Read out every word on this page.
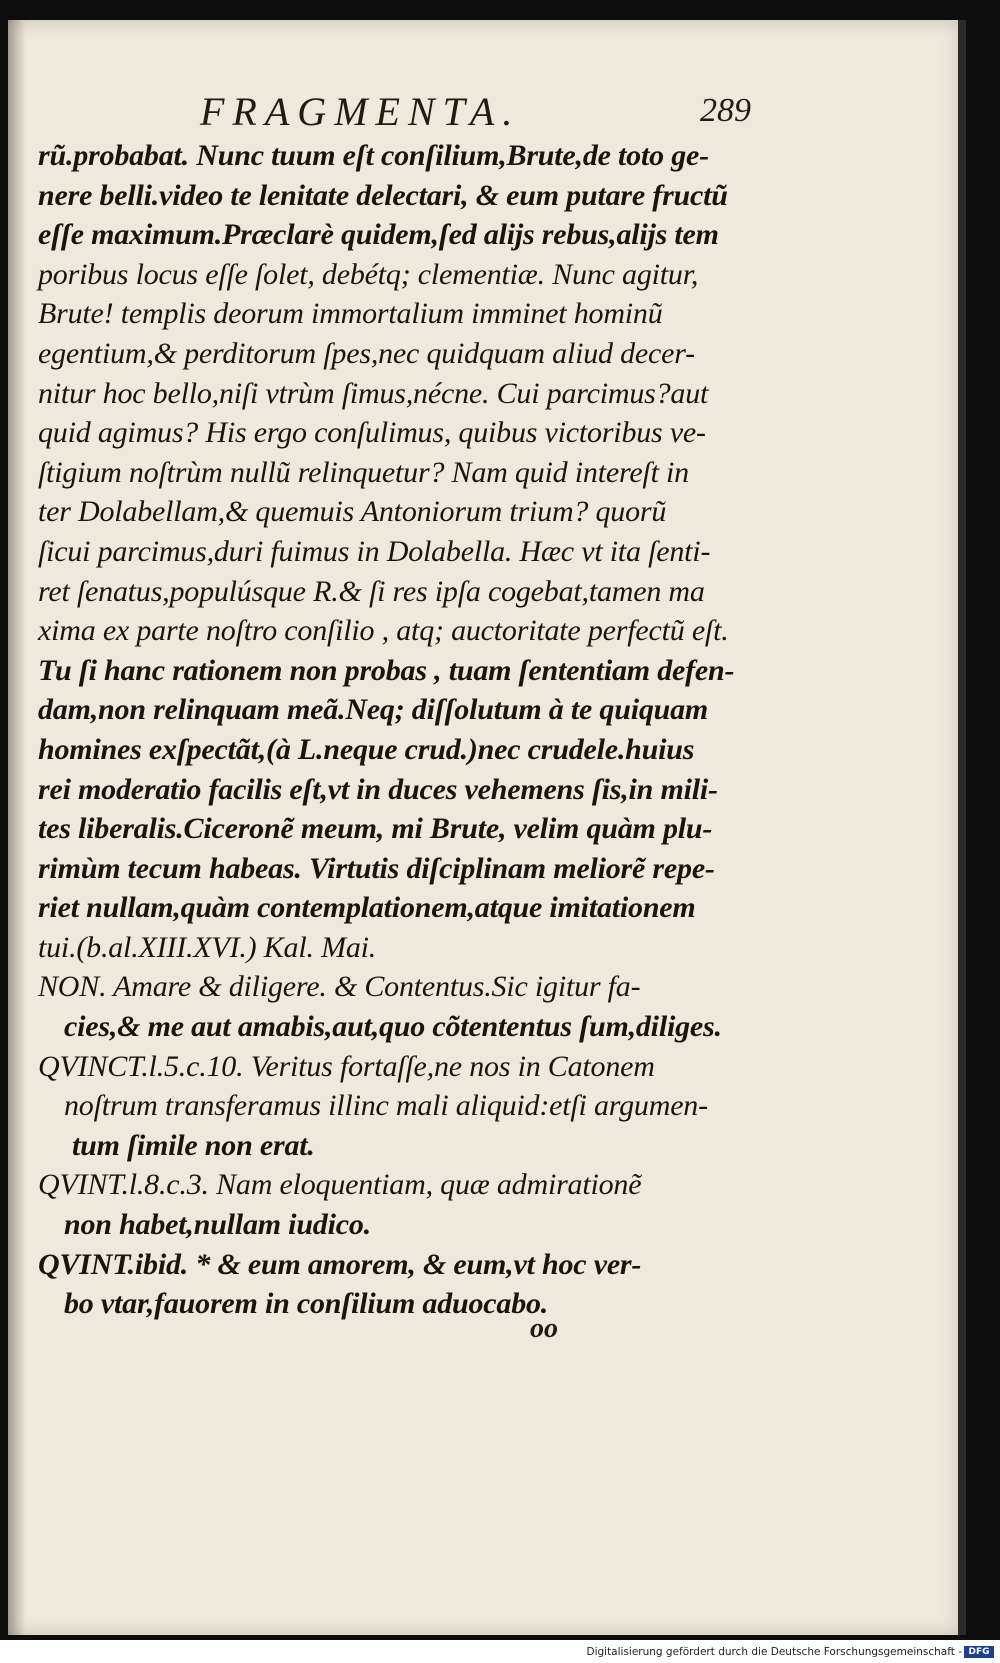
FRAGMENTA.	289
rũ.probabat. Nunc tuum eſt conſilium,Brute,de toto ge-
nere belli.video te lenitate delectari, & eum putare fructũ
eſſe maximum.Præclarè quidem,ſed alijs rebus,alijs tem
poribus locus eſſe ſolet, debétq; clementiæ. Nunc agitur,
Brute! templis deorum immortalium imminet hominũ
egentium,& perditorum ſpes,nec quidquam aliud decer-
nitur hoc bello,niſi vtrùm ſimus,nécne. Cui parcimus?aut
quid agimus? His ergo conſulimus, quibus victoribus ve-
ſtigium noſtrùm nullũ relinquetur? Nam quid intereſt in
ter Dolabellam,& quemuis Antoniorum trium? quorũ
ſicui parcimus,duri fuimus in Dolabella. Hæc vt ita ſenti-
ret ſenatus,populúsque R.& ſi res ipſa cogebat,tamen ma
xima ex parte noſtro conſilio , atq; auctoritate perfectũ eſt.
Tu ſi hanc rationem non probas , tuam ſententiam defen-
dam,non relinquam meã.Neq; diſſolutum à te quiquam
homines exſpectãt,(à L.neque crud.)nec crudele.huius
rei moderatio facilis eſt,vt in duces vehemens ſis,in mili-
tes liberalis.Ciceronẽ meum, mi Brute, velim quàm plu-
rimùm tecum habeas. Virtutis diſciplinam meliorẽ repe-
riet nullam,quàm contemplationem,atque imitationem
tui.(b.al.XIII.XVI.) Kal. Mai.
NON. Amare & diligere. & Contentus.Sic igitur fa-
cies,& me aut amabis,aut,quo cõtententus ſum,diliges.
QVINCT.l.5.c.10. Veritus fortaſſe,ne nos in Catonem
noſtrum transferamus illinc mali aliquid:etſi argumen-
tum ſimile non erat.
QVINT.l.8.c.3. Nam eloquentiam, quæ admirationẽ
non habet,nullam iudico.
QVINT.ibid. * & eum amorem, & eum,vt hoc ver-
bo vtar,fauorem in conſilium aduocabo.
oo
Digitalisierung gefördert durch die Deutsche Forschungsgemeinschaft - DFG
